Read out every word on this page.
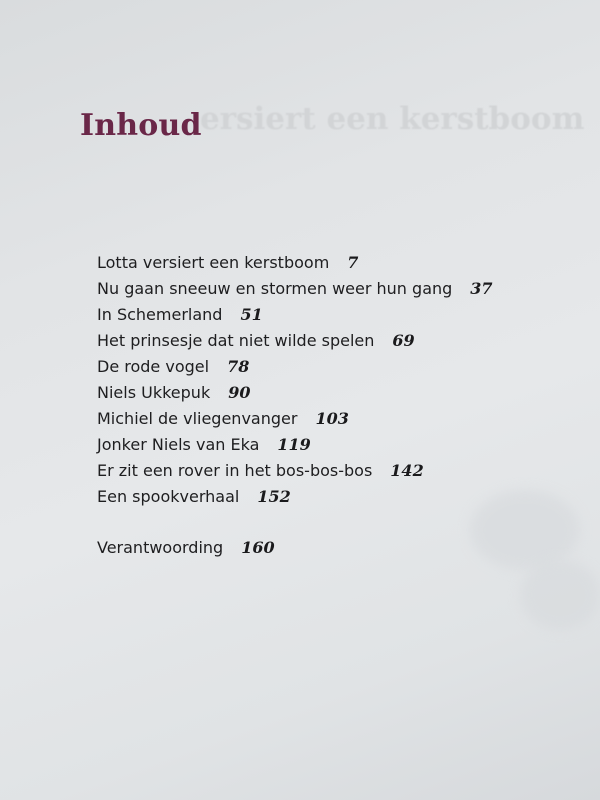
ersiert een kerstboom
Inhoud
Lotta versiert een kerstboom 7
Nu gaan sneeuw en stormen weer hun gang 37
In Schemerland 51
Het prinsesje dat niet wilde spelen 69
De rode vogel 78
Niels Ukkepuk 90
Michiel de vliegenvanger 103
Jonker Niels van Eka 119
Er zit een rover in het bos-bos-bos 142
Een spookverhaal 152
Verantwoording 160
